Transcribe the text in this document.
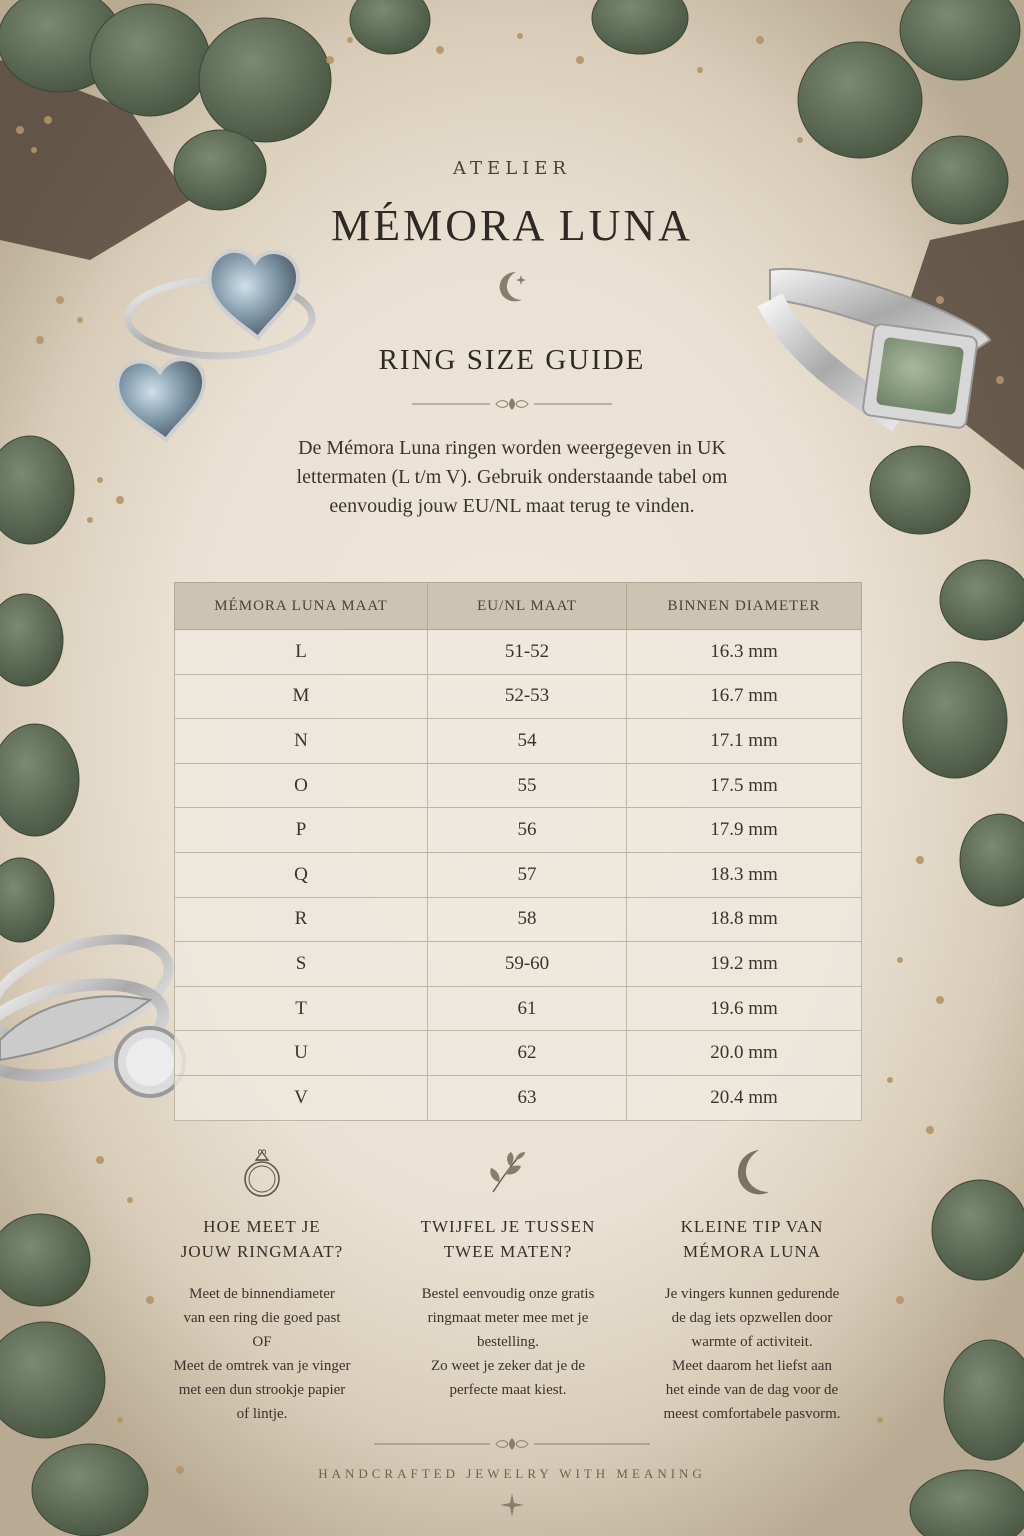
ATELIER
MÉMORA LUNA
RING SIZE GUIDE
De Mémora Luna ringen worden weergegeven in UK lettermaten (L t/m V). Gebruik onderstaande tabel om eenvoudig jouw EU/NL maat terug te vinden.
MÉMORA LUNA MAAT	EU/NL MAAT	BINNEN DIAMETER
L	51-52	16.3 mm
M	52-53	16.7 mm
N	54	17.1 mm
O	55	17.5 mm
P	56	17.9 mm
Q	57	18.3 mm
R	58	18.8 mm
S	59-60	19.2 mm
T	61	19.6 mm
U	62	20.0 mm
V	63	20.4 mm
HOE MEET JE
JOUW RINGMAAT?

Meet de binnendiameter
van een ring die goed past
OF
Meet de omtrek van je vinger
met een dun strookje papier
of lintje.

TWIJFEL JE TUSSEN
TWEE MATEN?

Bestel eenvoudig onze gratis
ringmaat meter mee met je
bestelling.
Zo weet je zeker dat je de
perfecte maat kiest.

KLEINE TIP VAN
MÉMORA LUNA

Je vingers kunnen gedurende
de dag iets opzwellen door
warmte of activiteit.
Meet daarom het liefst aan
het einde van de dag voor de
meest comfortabele pasvorm.

HANDCRAFTED JEWELRY WITH MEANING
